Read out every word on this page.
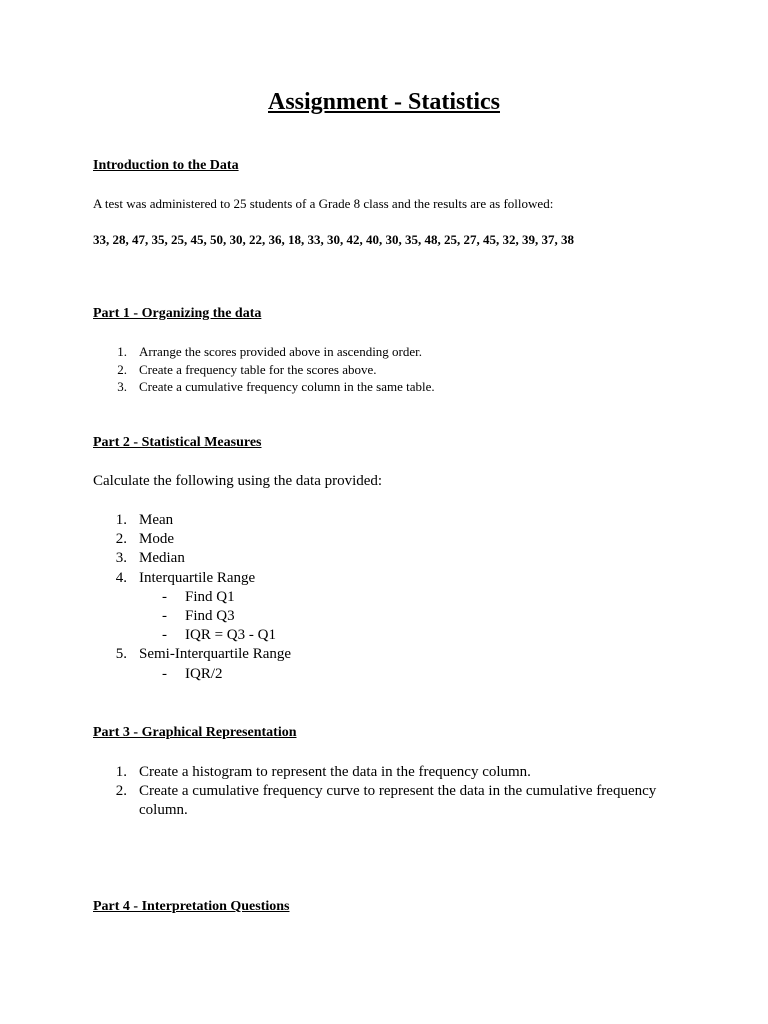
Assignment - Statistics
Introduction to the Data
A test was administered to 25 students of a Grade 8 class and the results are as followed:
33, 28, 47, 35, 25, 45, 50, 30, 22, 36, 18, 33, 30, 42, 40, 30, 35, 48, 25, 27, 45, 32, 39, 37, 38
Part 1 - Organizing the data
1. Arrange the scores provided above in ascending order.
2. Create a frequency table for the scores above.
3. Create a cumulative frequency column in the same table.
Part 2 - Statistical Measures
Calculate the following using the data provided:
1. Mean
2. Mode
3. Median
4. Interquartile Range
- Find Q1
- Find Q3
- IQR = Q3 - Q1
5. Semi-Interquartile Range
- IQR/2
Part 3 - Graphical Representation
1. Create a histogram to represent the data in the frequency column.
2. Create a cumulative frequency curve to represent the data in the cumulative frequency column.
Part 4 - Interpretation Questions
